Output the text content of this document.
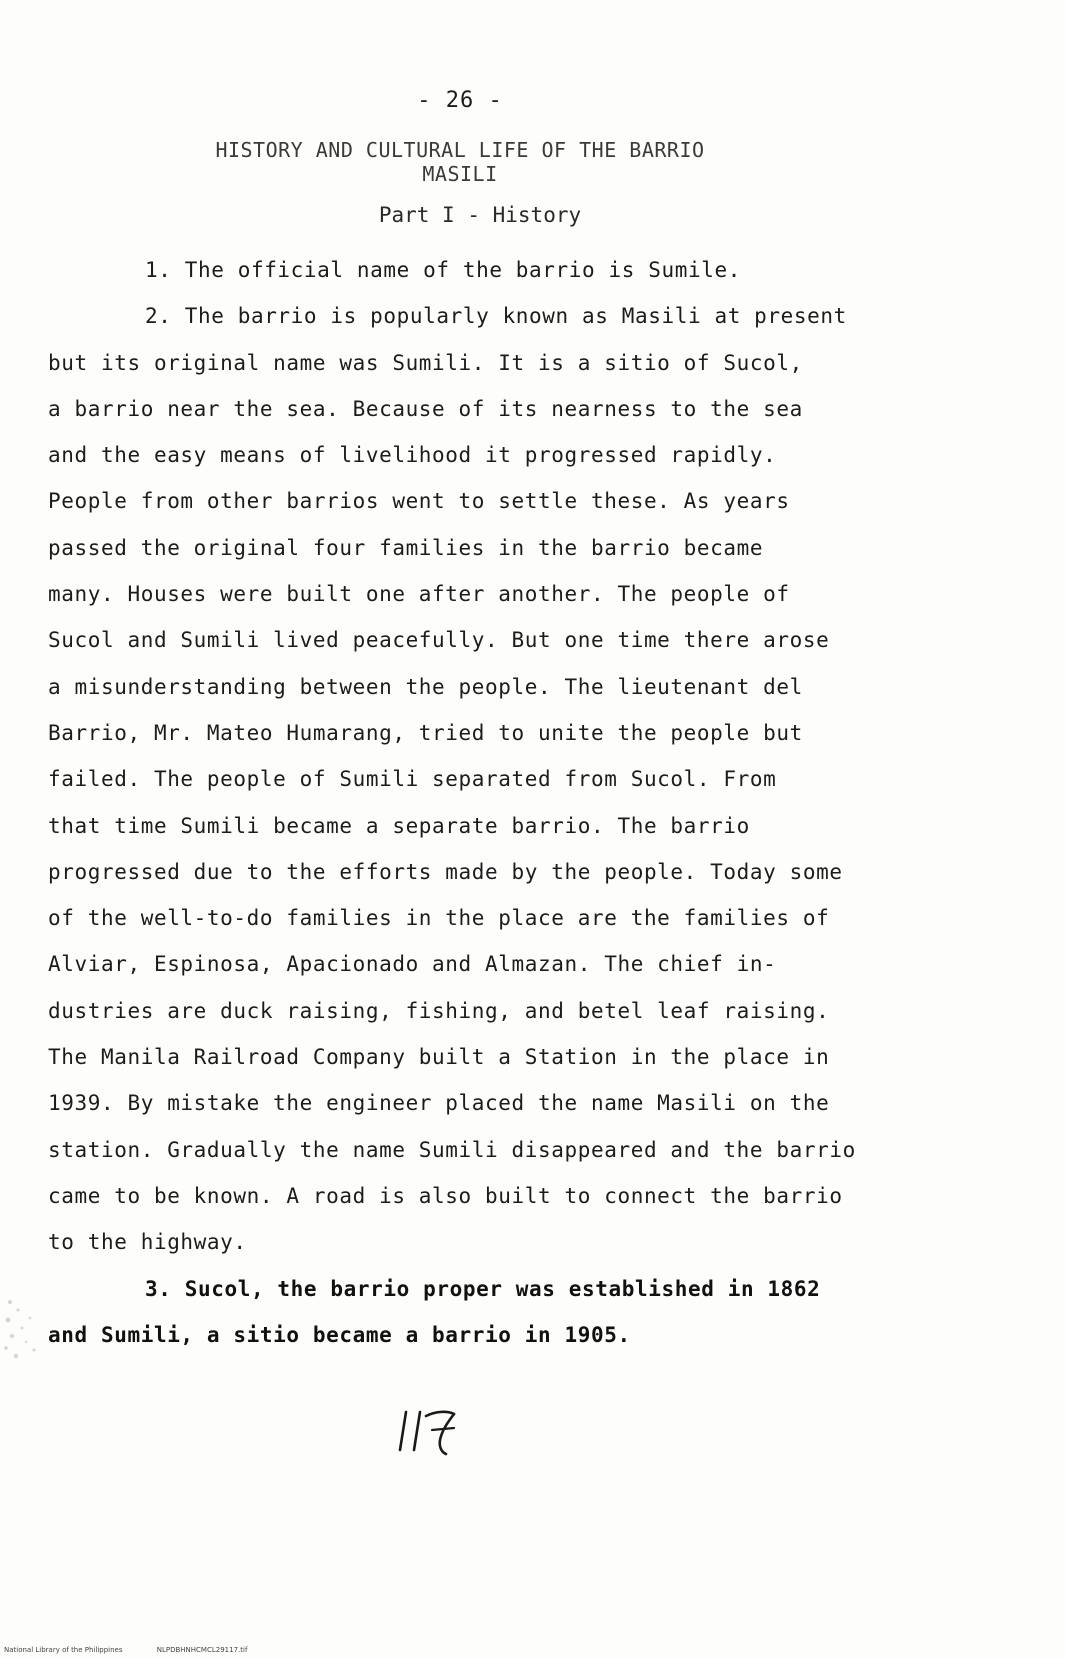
- 26 -
HISTORY AND CULTURAL LIFE OF THE BARRIO
MASILI
Part I - History
1. The official name of the barrio is Sumile.
2. The barrio is popularly known as Masili at present
but its original name was Sumili. It is a sitio of Sucol,
a barrio near the sea. Because of its nearness to the sea
and the easy means of livelihood it progressed rapidly.
People from other barrios went to settle these. As years
passed the original four families in the barrio became
many. Houses were built one after another. The people of
Sucol and Sumili lived peacefully. But one time there arose
a misunderstanding between the people. The lieutenant del
Barrio, Mr. Mateo Humarang, tried to unite the people but
failed. The people of Sumili separated from Sucol. From
that time Sumili became a separate barrio. The barrio
progressed due to the efforts made by the people. Today some
of the well-to-do families in the place are the families of
Alviar, Espinosa, Apacionado and Almazan. The chief in-
dustries are duck raising, fishing, and betel leaf raising.
The Manila Railroad Company built a Station in the place in
1939. By mistake the engineer placed the name Masili on the
station. Gradually the name Sumili disappeared and the barrio
came to be known. A road is also built to connect the barrio
to the highway.
3. Sucol, the barrio proper was established in 1862
and Sumili, a sitio became a barrio in 1905.
National Library of the Philippines	NLPDBHNHCMCL29117.tif
